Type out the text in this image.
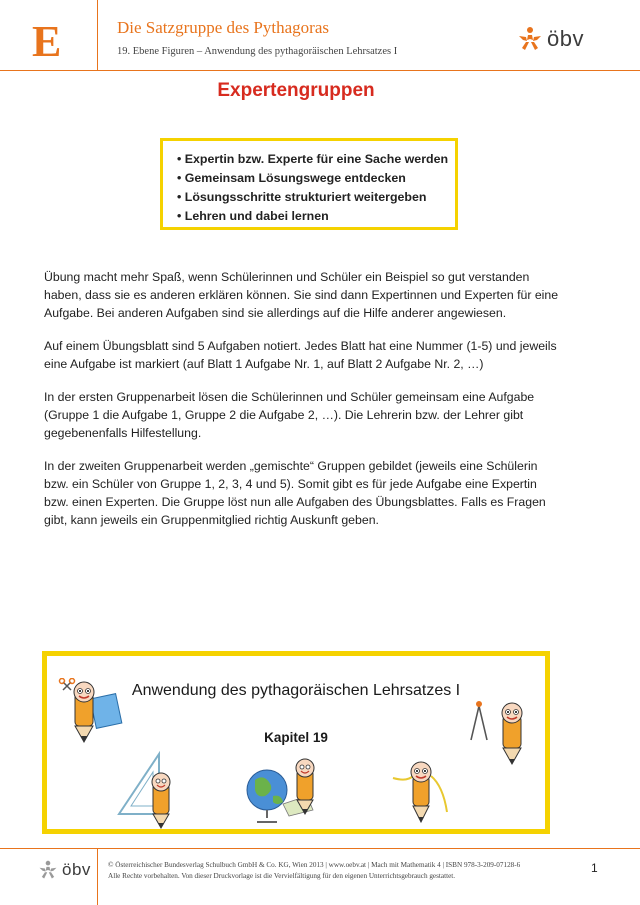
E	Die Satzgruppe des Pythagoras
19. Ebene Figuren – Anwendung des pythagoräischen Lehrsatzes I
öbv
Expertengruppen
• Expertin bzw. Experte für eine Sache werden
• Gemeinsam Lösungswege entdecken
• Lösungsschritte strukturiert weitergeben
• Lehren und dabei lernen

Übung macht mehr Spaß, wenn Schülerinnen und Schüler ein Beispiel so gut verstanden haben, dass sie es anderen erklären können. Sie sind dann Expertinnen und Experten für eine Aufgabe. Bei anderen Aufgaben sind sie allerdings auf die Hilfe anderer angewiesen.

Auf einem Übungsblatt sind 5 Aufgaben notiert. Jedes Blatt hat eine Nummer (1-5) und jeweils eine Aufgabe ist markiert (auf Blatt 1 Aufgabe Nr. 1, auf Blatt 2 Aufgabe Nr. 2, …)

In der ersten Gruppenarbeit lösen die Schülerinnen und Schüler gemeinsam eine Aufgabe (Gruppe 1 die Aufgabe 1, Gruppe 2 die Aufgabe 2, …). Die Lehrerin bzw. der Lehrer gibt gegebenenfalls Hilfestellung.

In der zweiten Gruppenarbeit werden „gemischte“ Gruppen gebildet (jeweils eine Schülerin bzw. ein Schüler von Gruppe 1, 2, 3, 4 und 5). Somit gibt es für jede Aufgabe eine Expertin bzw. einen Experten. Die Gruppe löst nun alle Aufgaben des Übungsblattes. Falls es Fragen gibt, kann jeweils ein Gruppenmitglied richtig Auskunft geben.

Anwendung des pythagoräischen Lehrsatzes I
Kapitel 19
öbv © Österreichischer Bundesverlag Schulbuch GmbH & Co. KG, Wien 2013 | www.oebv.at | Mach mit Mathematik 4 | ISBN 978-3-209-07128-6
Alle Rechte vorbehalten. Von dieser Druckvorlage ist die Vervielfältigung für den eigenen Unterrichtsgebrauch gestattet.
1
